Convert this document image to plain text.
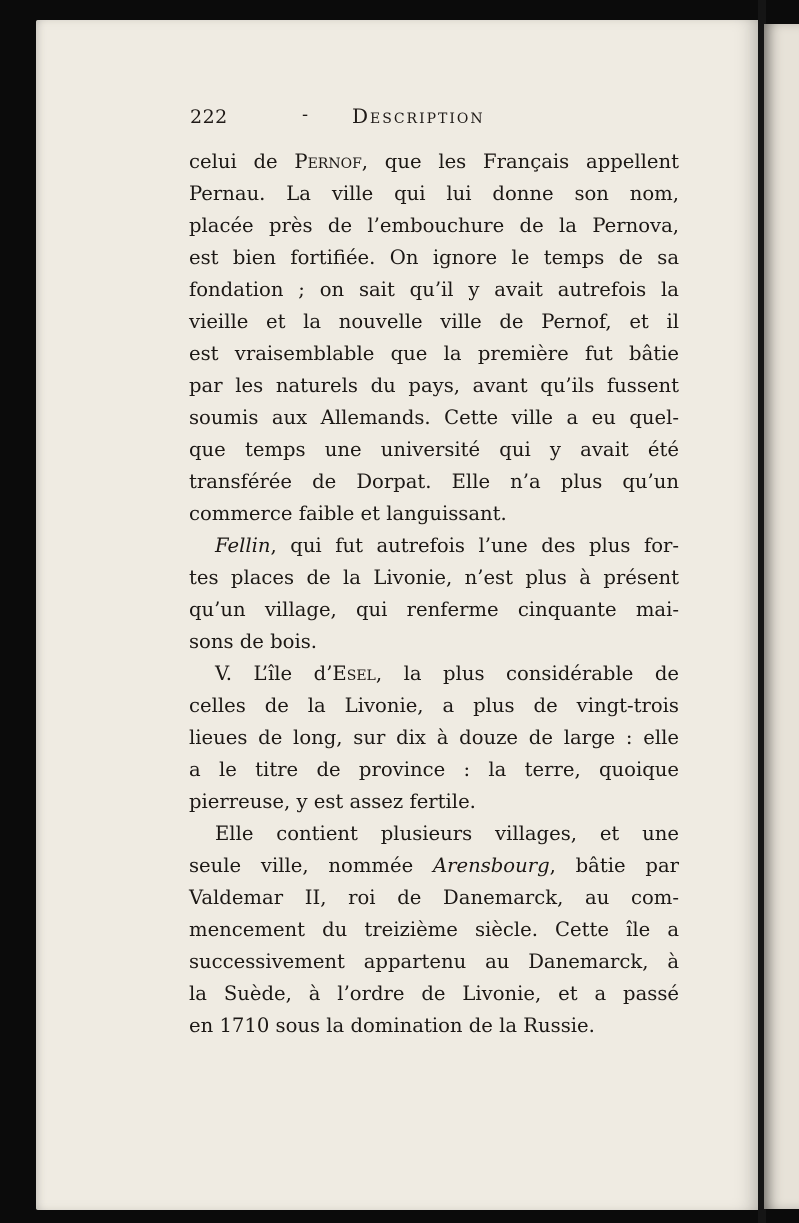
222	- Description
celui de Pernof, que les Français appellent
Pernau. La ville qui lui donne son nom,
placée près de l’embouchure de la Pernova,
est bien fortifiée. On ignore le temps de sa
fondation ; on sait qu’il y avait autrefois la
vieille et la nouvelle ville de Pernof, et il
est vraisemblable que la première fut bâtie
par les naturels du pays, avant qu’ils fussent
soumis aux Allemands. Cette ville a eu quel-
que temps une université qui y avait été
transférée de Dorpat. Elle n’a plus qu’un
commerce faible et languissant.
Fellin, qui fut autrefois l’une des plus for-
tes places de la Livonie, n’est plus à présent
qu’un village, qui renferme cinquante mai-
sons de bois.
V. L’île d’Esel, la plus considérable de
celles de la Livonie, a plus de vingt-trois
lieues de long, sur dix à douze de large : elle
a le titre de province : la terre, quoique
pierreuse, y est assez fertile.
Elle contient plusieurs villages, et une
seule ville, nommée Arensbourg, bâtie par
Valdemar II, roi de Danemarck, au com-
mencement du treizième siècle. Cette île a
successivement appartenu au Danemarck, à
la Suède, à l’ordre de Livonie, et a passé
en 1710 sous la domination de la Russie.
